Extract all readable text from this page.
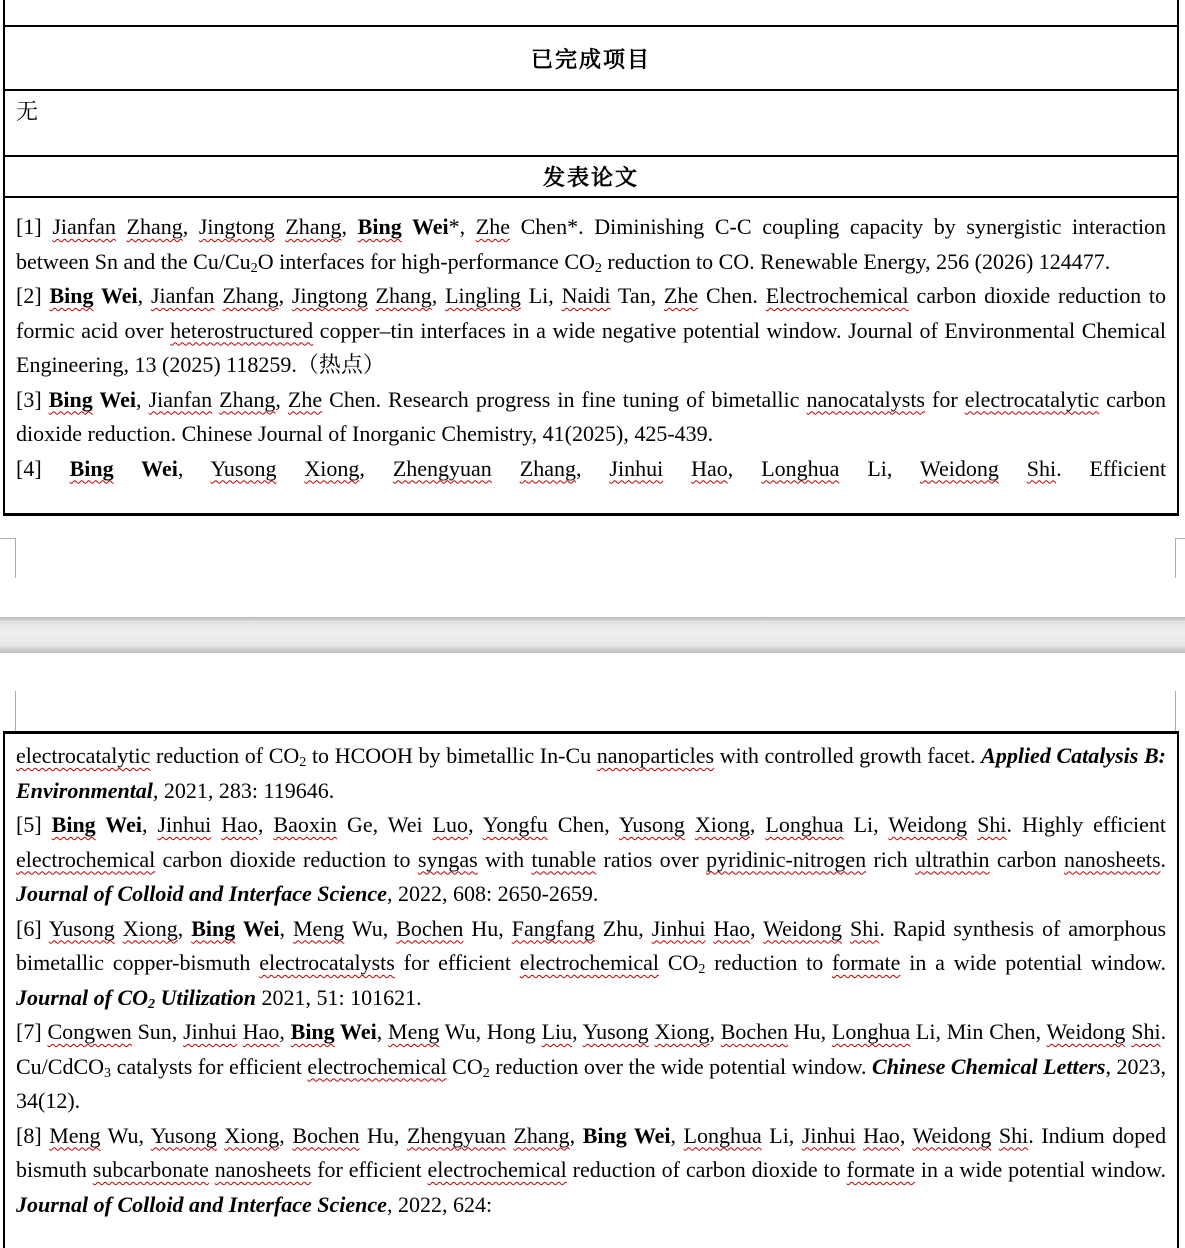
已完成项目
无
发表论文

[1] Jianfan Zhang, Jingtong Zhang, Bing Wei*, Zhe Chen*. Diminishing C-C coupling capacity by synergistic interaction between Sn and the $Cu/Cu_2O$ interfaces for high-performance $CO_2$ reduction to CO. Renewable Energy, 256 (2026) 124477.

[2] Bing Wei, Jianfan Zhang, Jingtong Zhang, Lingling Li, Naidi Tan, Zhe Chen. Electrochemical carbon dioxide reduction to formic acid over heterostructured copper–tin interfaces in a wide negative potential window. Journal of Environmental Chemical Engineering, 13 (2025) 118259.（热点）

[3] Bing Wei, Jianfan Zhang, Zhe Chen. Research progress in fine tuning of bimetallic nanocatalysts for electrocatalytic carbon dioxide reduction. Chinese Journal of Inorganic Chemistry, 41(2025), 425-439.

[4] Bing Wei, Yusong Xiong, Zhengyuan Zhang, Jinhui Hao, Longhua Li, Weidong Shi. Efficient

electrocatalytic reduction of $CO_2$ to HCOOH by bimetallic In-Cu nanoparticles with controlled growth facet. Applied Catalysis B: Environmental, 2021, 283: 119646.

[5] Bing Wei, Jinhui Hao, Baoxin Ge, Wei Luo, Yongfu Chen, Yusong Xiong, Longhua Li, Weidong Shi. Highly efficient electrochemical carbon dioxide reduction to syngas with tunable ratios over pyridinic-nitrogen rich ultrathin carbon nanosheets. Journal of Colloid and Interface Science, 2022, 608: 2650-2659.

[6] Yusong Xiong, Bing Wei, Meng Wu, Bochen Hu, Fangfang Zhu, Jinhui Hao, Weidong Shi. Rapid synthesis of amorphous bimetallic copper-bismuth electrocatalysts for efficient electrochemical $CO_2$ reduction to formate in a wide potential window. Journal of $CO_2$ Utilization 2021, 51: 101621.

[7] Congwen Sun, Jinhui Hao, Bing Wei, Meng Wu, Hong Liu, Yusong Xiong, Bochen Hu, Longhua Li, Min Chen, Weidong Shi. Cu/CdCO$_3$ catalysts for efficient electrochemical $CO_2$ reduction over the wide potential window. Chinese Chemical Letters, 2023, 34(12).

[8] Meng Wu, Yusong Xiong, Bochen Hu, Zhengyuan Zhang, Bing Wei, Longhua Li, Jinhui Hao, Weidong Shi. Indium doped bismuth subcarbonate nanosheets for efficient electrochemical reduction of carbon dioxide to formate in a wide potential window. Journal of Colloid and Interface Science, 2022, 624:
